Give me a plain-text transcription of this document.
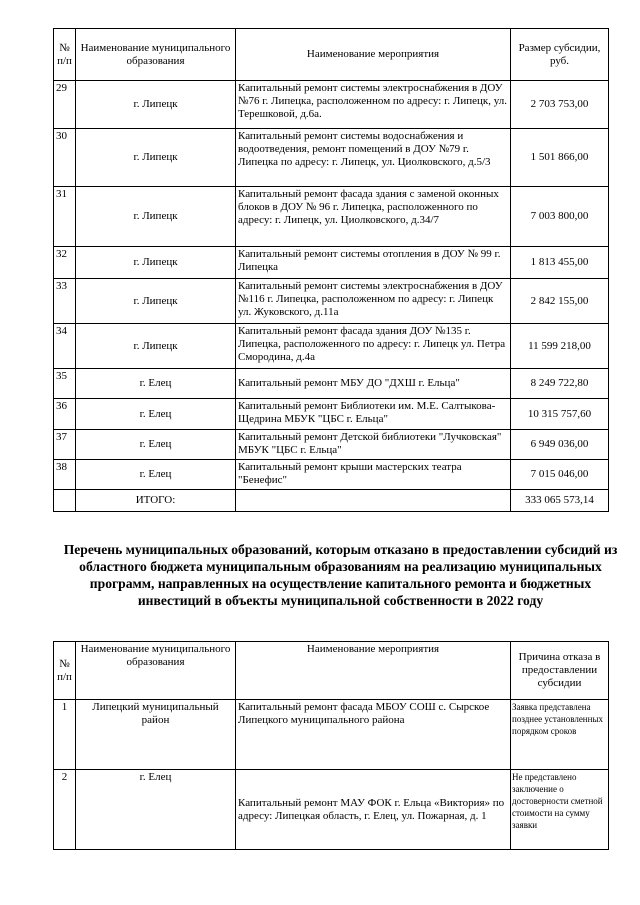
№ п/п	Наименование муниципального образования	Наименование мероприятия	Размер субсидии, руб.
29	г. Липецк	Капитальный ремонт системы электроснабжения в ДОУ №76 г. Липецка, расположенном по адресу: г. Липецк, ул. Терешковой, д.6а.	2 703 753,00
30	г. Липецк	Капитальный ремонт системы водоснабжения и водоотведения, ремонт помещений в ДОУ №79 г. Липецка по адресу: г. Липецк, ул. Циолковского, д.5/3	1 501 866,00
31	г. Липецк	Капитальный ремонт фасада здания с заменой оконных блоков в ДОУ № 96 г. Липецка, расположенного по адресу: г. Липецк, ул. Циолковского, д.34/7	7 003 800,00
32	г. Липецк	Капитальный ремонт системы отопления в ДОУ № 99 г. Липецка	1 813 455,00
33	г. Липецк	Капитальный ремонт системы электроснабжения в ДОУ №116 г. Липецка, расположенном по адресу: г. Липецк ул. Жуковского, д.11а	2 842 155,00
34	г. Липецк	Капитальный ремонт фасада здания ДОУ №135 г. Липецка, расположенного по адресу: г. Липецк ул. Петра Смородина, д.4а	11 599 218,00
35	г. Елец	Капитальный ремонт МБУ ДО "ДХШ г. Ельца"	8 249 722,80
36	г. Елец	Капитальный ремонт Библиотеки им. М.Е. Салтыкова-Щедрина МБУК "ЦБС г. Ельца"	10 315 757,60
37	г. Елец	Капитальный ремонт Детской библиотеки "Лучковская" МБУК "ЦБС г. Ельца"	6 949 036,00
38	г. Елец	Капитальный ремонт крыши мастерских театра "Бенефис"	7 015 046,00
	ИТОГО:		333 065 573,14
Перечень муниципальных образований, которым отказано в предоставлении субсидий из областного бюджета муниципальным образованиям на реализацию муниципальных программ, направленных на осуществление капитального ремонта и бюджетных инвестиций в объекты муниципальной собственности в 2022 году
№ п/п	Наименование муниципального образования	Наименование мероприятия	Причина отказа в предоставлении субсидии
1	Липецкий муниципальный район	Капитальный ремонт фасада МБОУ СОШ с. Сырское Липецкого муниципального района	Заявка представлена позднее установленных порядком сроков
2	г. Елец	Капитальный ремонт МАУ ФОК г. Ельца «Виктория» по адресу: Липецкая область, г. Елец, ул. Пожарная, д. 1	Не представлено заключение о достоверности сметной стоимости на сумму заявки
